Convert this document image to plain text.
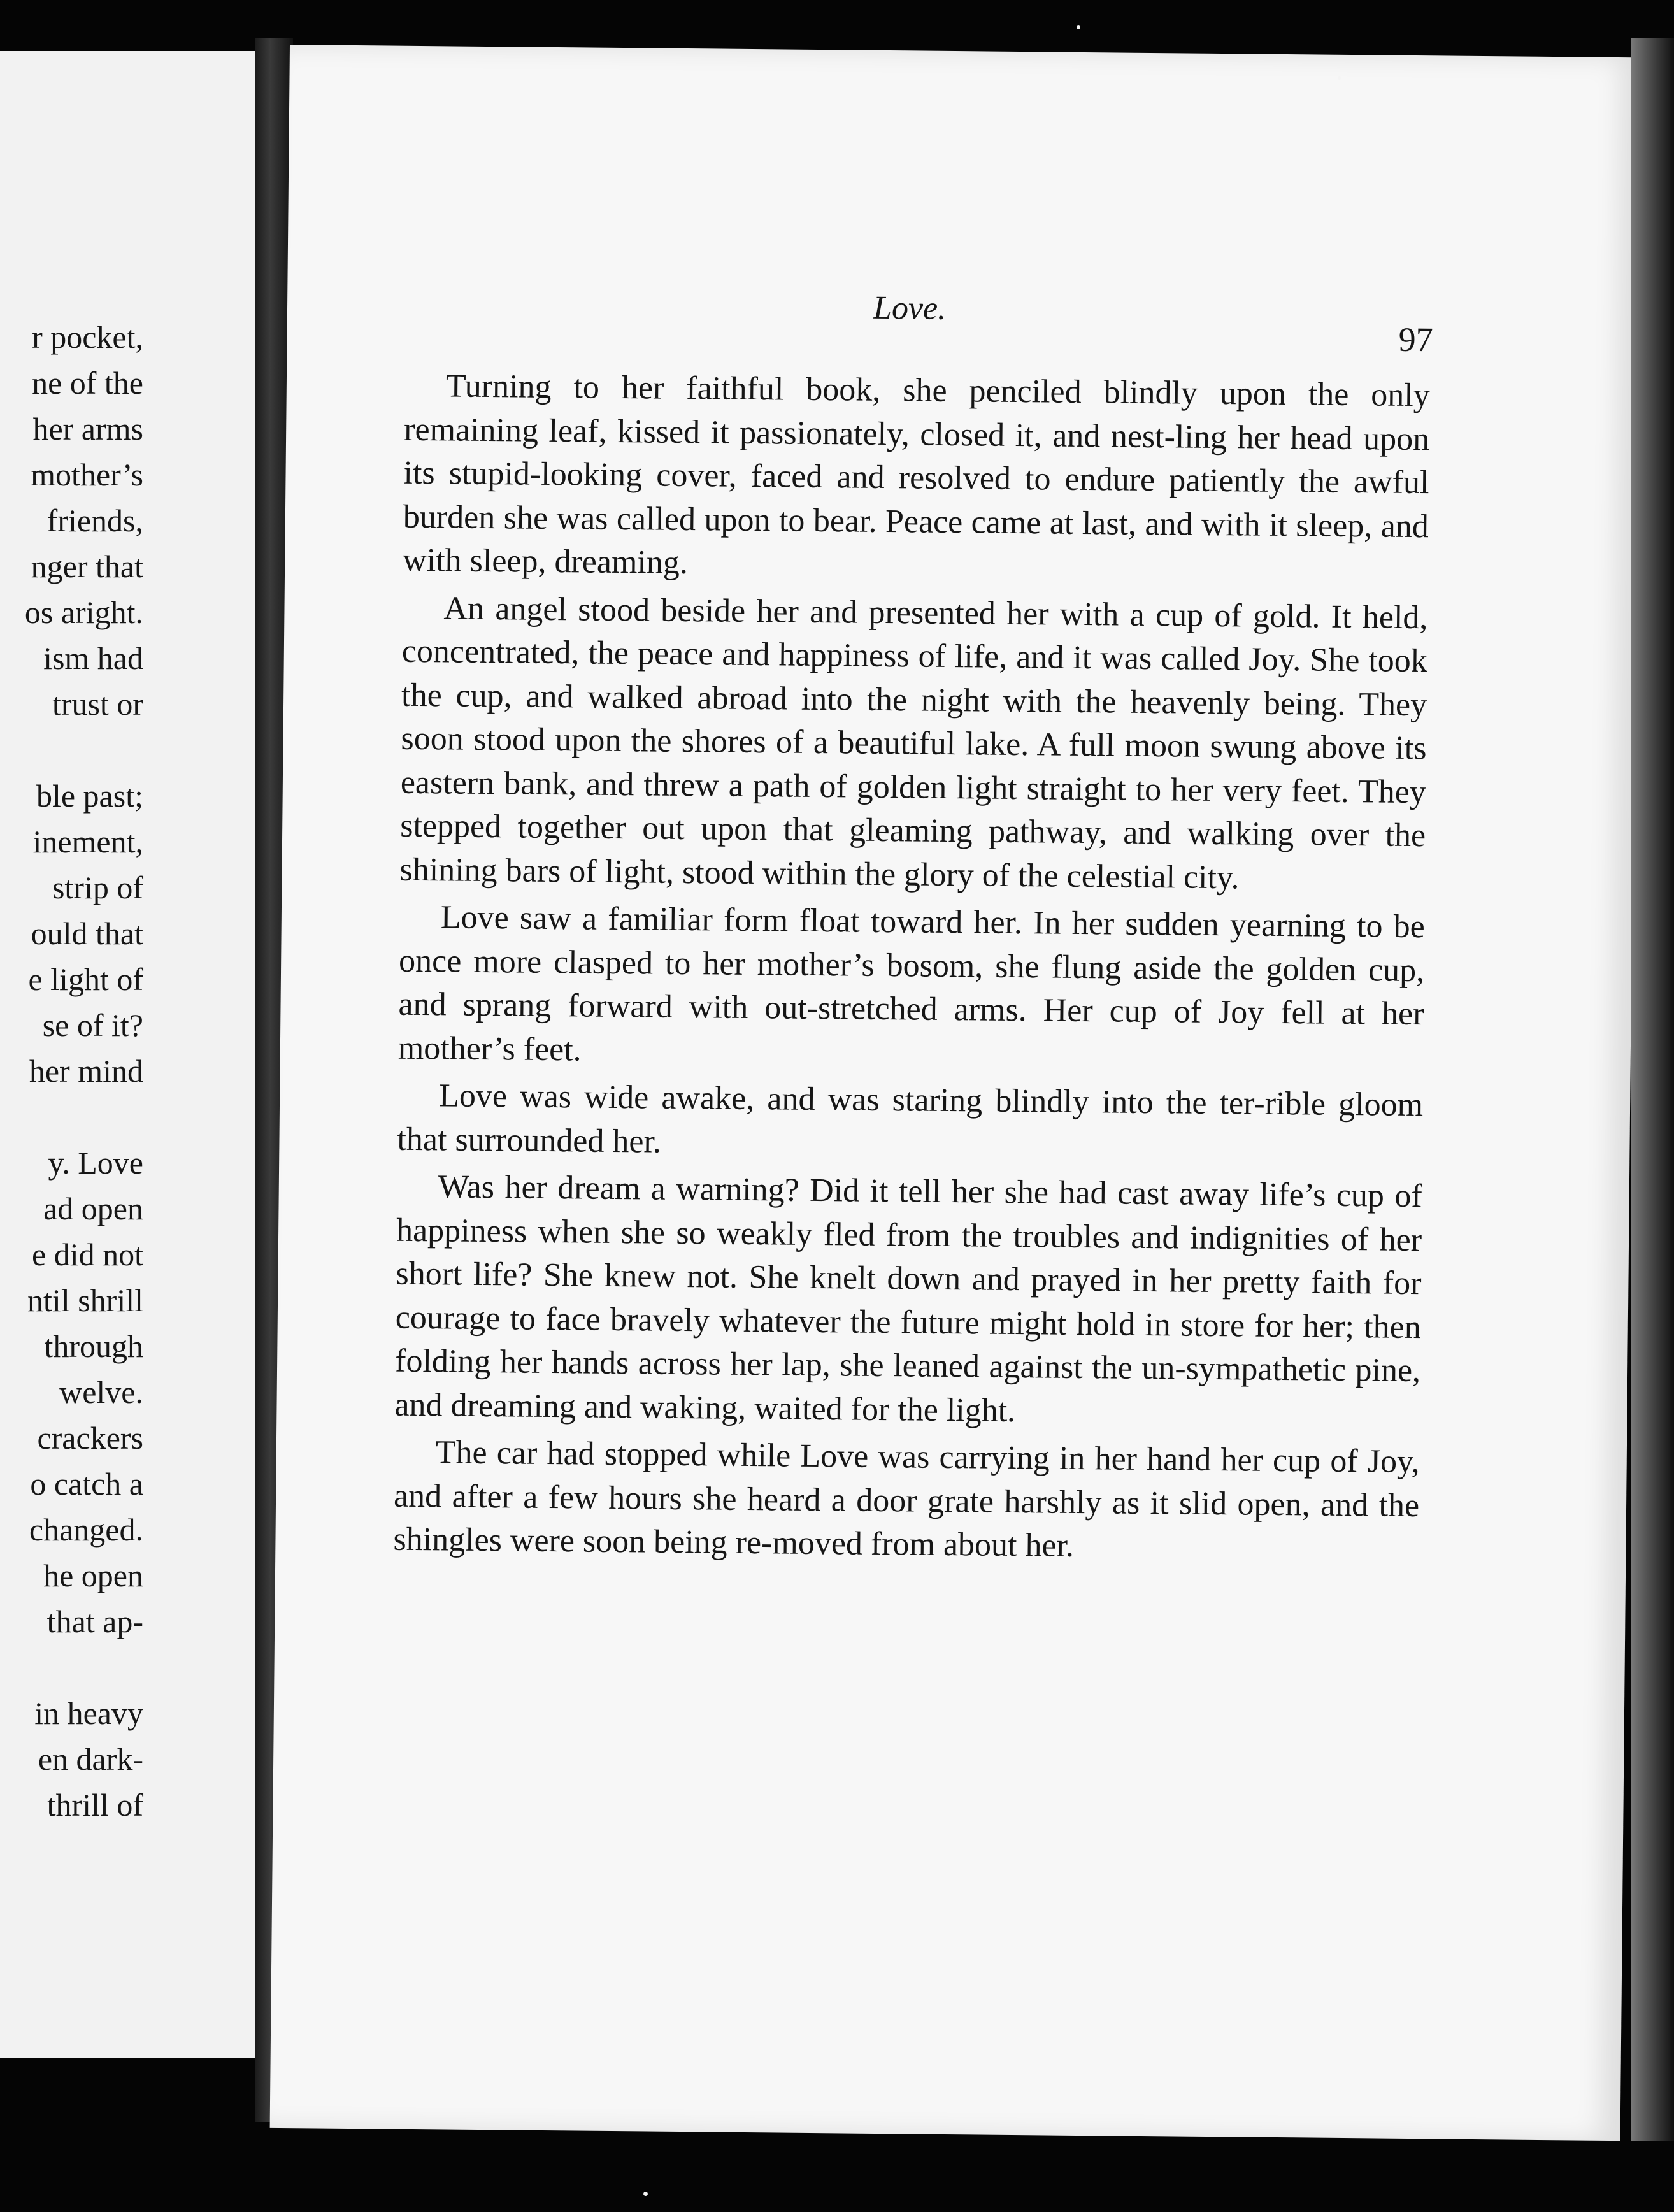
r pocket,
ne of the
her arms
mother’s
friends,
nger that
os aright.
ism had
trust or
ble past;
inement,
strip of
ould that
e light of
se of it?
her mind
y. Love
ad open
e did not
ntil shrill
through
welve.
crackers
o catch a
changed.
he open
that ap-
in heavy
en dark-
thrill of
Love.
97

Turning to her faithful book, she penciled blindly upon the only remaining leaf, kissed it passionately, closed it, and nest-ling her head upon its stupid-looking cover, faced and resolved to endure patiently the awful burden she was called upon to bear. Peace came at last, and with it sleep, and with sleep, dreaming.

An angel stood beside her and presented her with a cup of gold. It held, concentrated, the peace and happiness of life, and it was called Joy. She took the cup, and walked abroad into the night with the heavenly being. They soon stood upon the shores of a beautiful lake. A full moon swung above its eastern bank, and threw a path of golden light straight to her very feet. They stepped together out upon that gleaming pathway, and walking over the shining bars of light, stood within the glory of the celestial city.

Love saw a familiar form float toward her. In her sudden yearning to be once more clasped to her mother’s bosom, she flung aside the golden cup, and sprang forward with out-stretched arms. Her cup of Joy fell at her mother’s feet.

Love was wide awake, and was staring blindly into the ter-rible gloom that surrounded her.

Was her dream a warning? Did it tell her she had cast away life’s cup of happiness when she so weakly fled from the troubles and indignities of her short life? She knew not. She knelt down and prayed in her pretty faith for courage to face bravely whatever the future might hold in store for her; then folding her hands across her lap, she leaned against the un-sympathetic pine, and dreaming and waking, waited for the light.

The car had stopped while Love was carrying in her hand her cup of Joy, and after a few hours she heard a door grate harshly as it slid open, and the shingles were soon being re-moved from about her.
